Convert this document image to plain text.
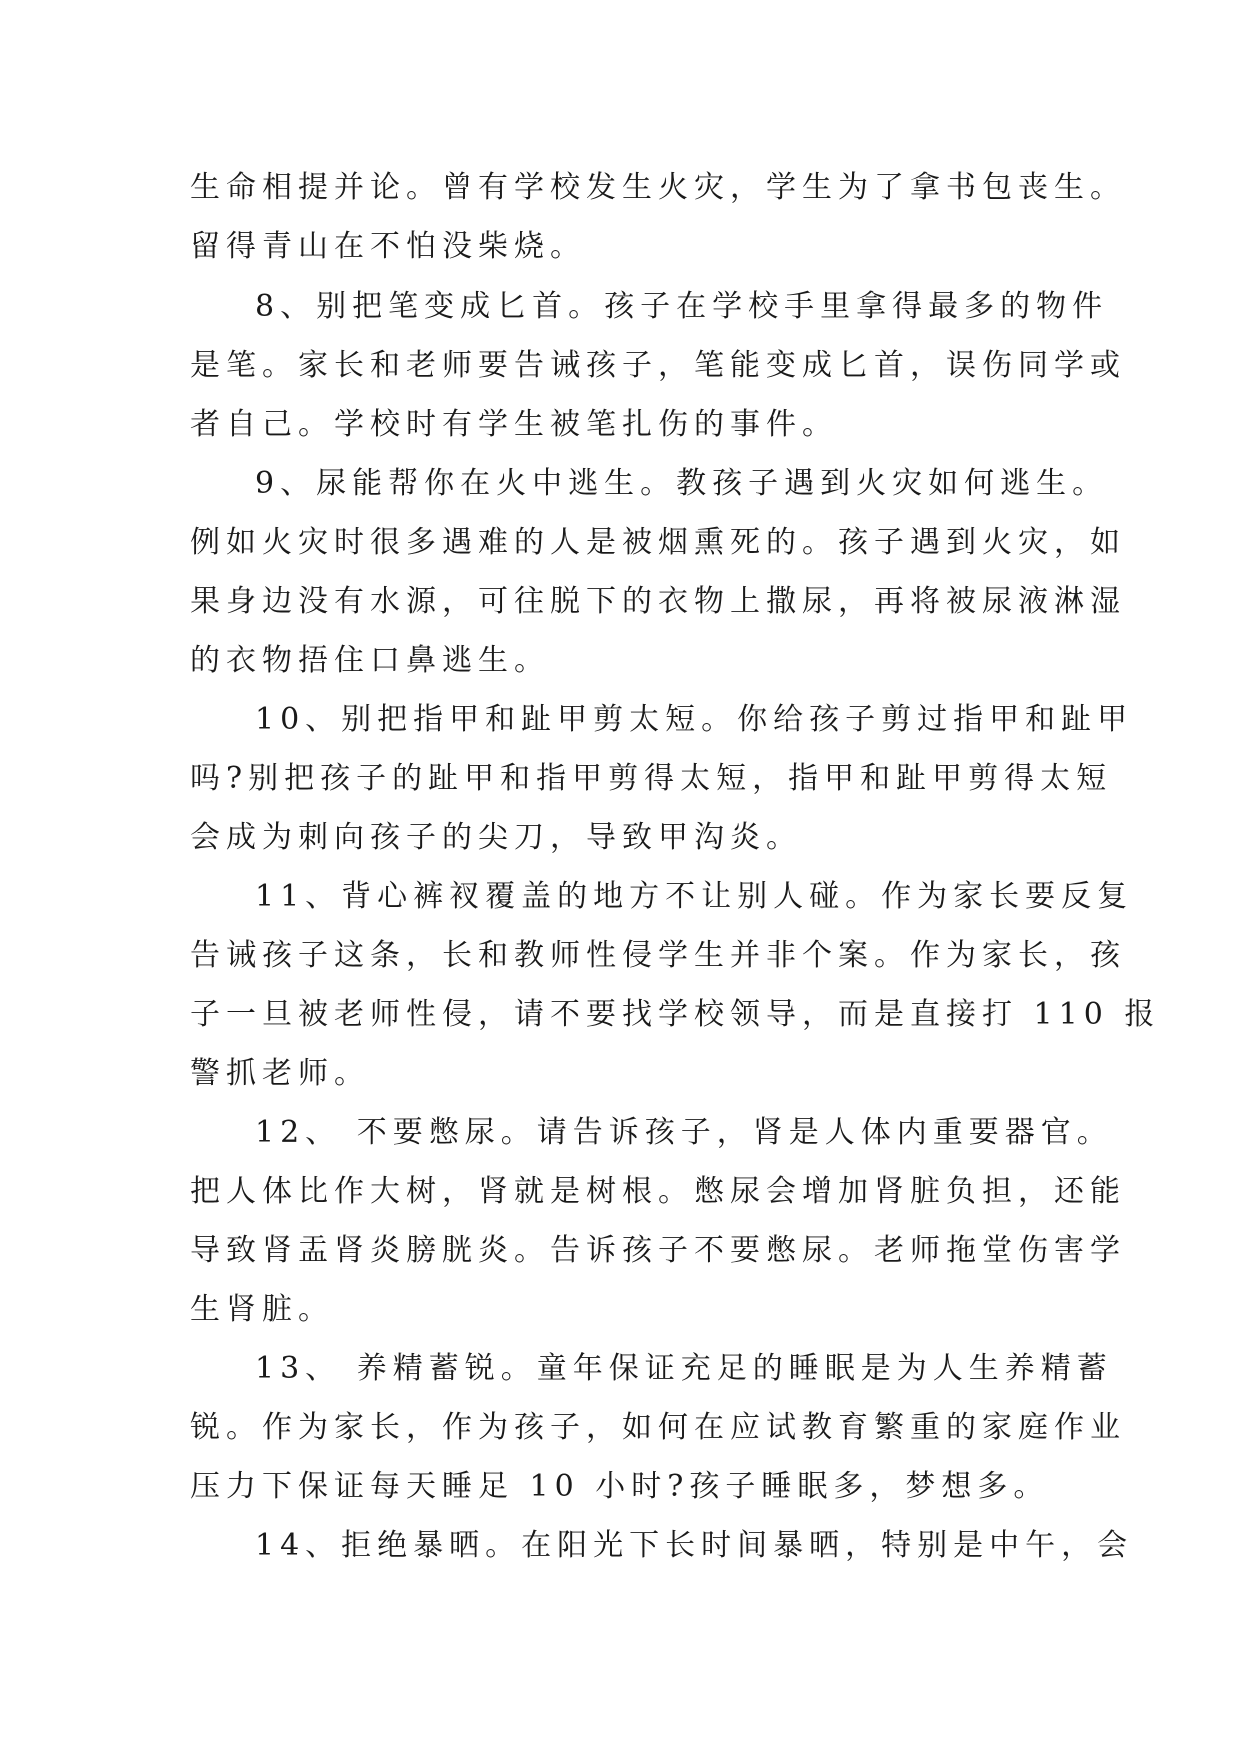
生命相提并论。曾有学校发生火灾，学生为了拿书包丧生。
留得青山在不怕没柴烧。
8、别把笔变成匕首。孩子在学校手里拿得最多的物件
是笔。家长和老师要告诫孩子，笔能变成匕首，误伤同学或
者自己。学校时有学生被笔扎伤的事件。
9、尿能帮你在火中逃生。教孩子遇到火灾如何逃生。
例如火灾时很多遇难的人是被烟熏死的。孩子遇到火灾，如
果身边没有水源，可往脱下的衣物上撒尿，再将被尿液淋湿
的衣物捂住口鼻逃生。
10、别把指甲和趾甲剪太短。你给孩子剪过指甲和趾甲
吗?别把孩子的趾甲和指甲剪得太短，指甲和趾甲剪得太短
会成为刺向孩子的尖刀，导致甲沟炎。
11、背心裤衩覆盖的地方不让别人碰。作为家长要反复
告诫孩子这条，长和教师性侵学生并非个案。作为家长，孩
子一旦被老师性侵，请不要找学校领导，而是直接打 110 报
警抓老师。
12、 不要憋尿。请告诉孩子，肾是人体内重要器官。
把人体比作大树，肾就是树根。憋尿会增加肾脏负担，还能
导致肾盂肾炎膀胱炎。告诉孩子不要憋尿。老师拖堂伤害学
生肾脏。
13、 养精蓄锐。童年保证充足的睡眠是为人生养精蓄
锐。作为家长，作为孩子，如何在应试教育繁重的家庭作业
压力下保证每天睡足 10 小时?孩子睡眠多，梦想多。
14、拒绝暴晒。在阳光下长时间暴晒，特别是中午，会
